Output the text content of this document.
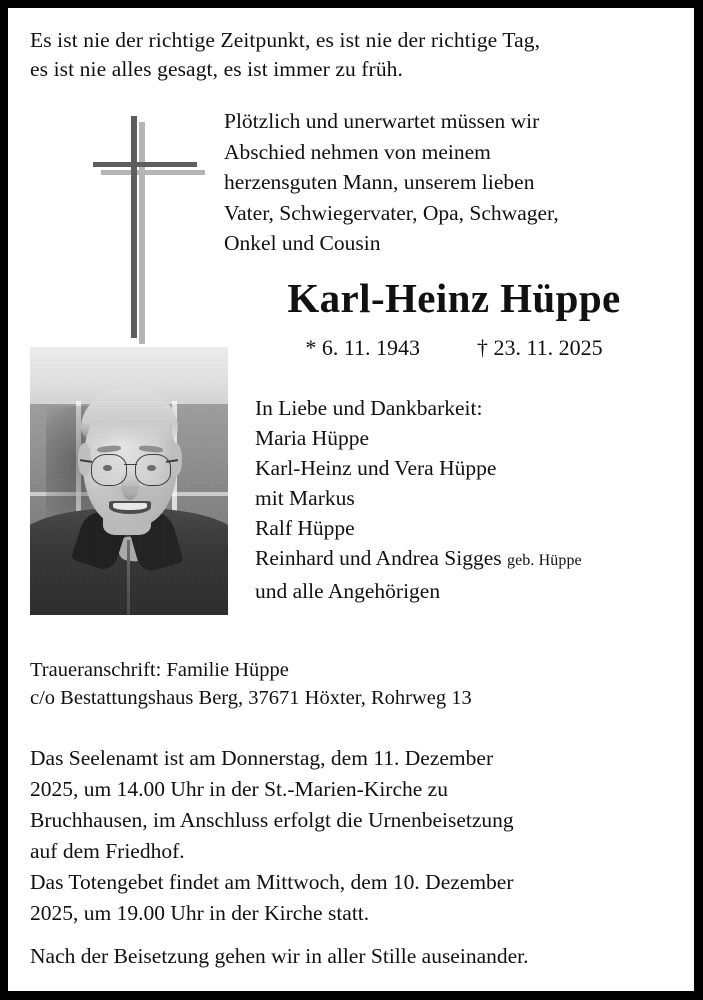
Es ist nie der richtige Zeitpunkt, es ist nie der richtige Tag,
es ist nie alles gesagt, es ist immer zu früh.
Plötzlich und unerwartet müssen wir
Abschied nehmen von meinem
herzensguten Mann, unserem lieben
Vater, Schwiegervater, Opa, Schwager,
Onkel und Cousin
Karl-Heinz Hüppe
* 6. 11. 1943	† 23. 11. 2025
In Liebe und Dankbarkeit:
Maria Hüppe
Karl-Heinz und Vera Hüppe
mit Markus
Ralf Hüppe
Reinhard und Andrea Sigges geb. Hüppe
und alle Angehörigen
Traueranschrift: Familie Hüppe
c/o Bestattungshaus Berg, 37671 Höxter, Rohrweg 13

Das Seelenamt ist am Donnerstag, dem 11. Dezember
2025, um 14.00 Uhr in der St.-Marien-Kirche zu
Bruchhausen, im Anschluss erfolgt die Urnenbeisetzung
auf dem Friedhof.

Das Totengebet findet am Mittwoch, dem 10. Dezember
2025, um 19.00 Uhr in der Kirche statt.

Nach der Beisetzung gehen wir in aller Stille auseinander.
